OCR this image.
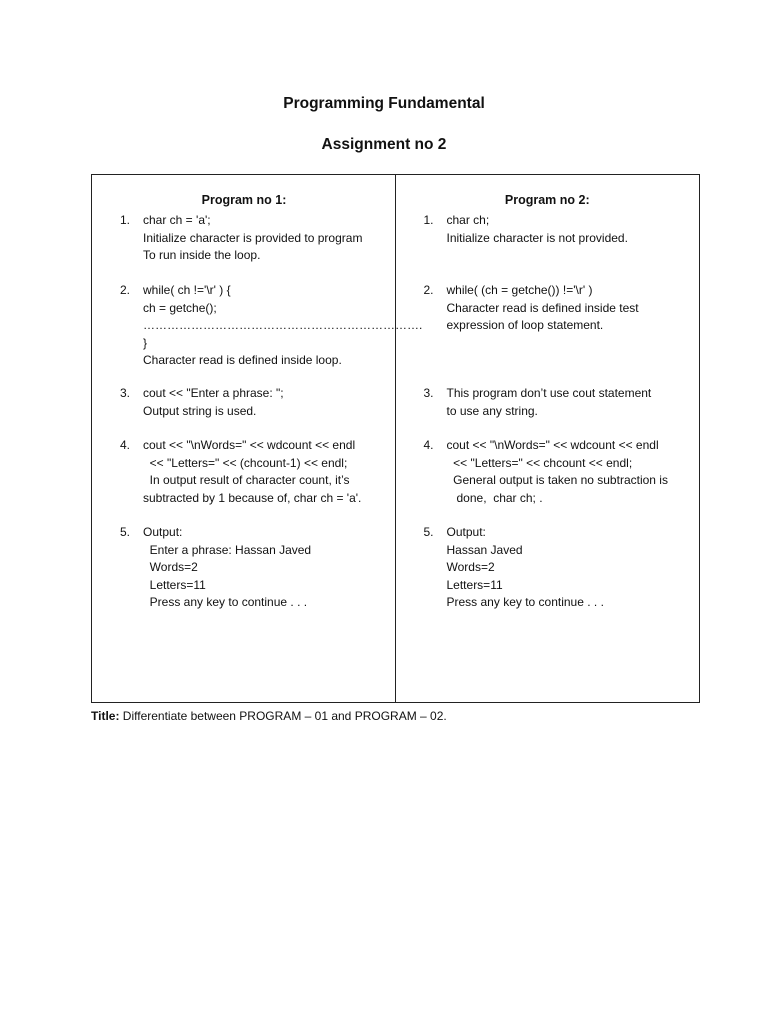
Programming Fundamental
Assignment no 2
Program no 1:
1.	char ch = 'a';
Initialize character is provided to program
To run inside the loop.
2.	while( ch !='\r' ) {
ch = getche();
…………………………………………………………….
}
Character read is defined inside loop.
3.	cout << "Enter a phrase: ";
Output string is used.
4.	cout << "\nWords=" << wdcount << endl
<< "Letters=" << (chcount-1) << endl;
In output result of character count, it’s
subtracted by 1 because of, char ch = 'a'.
5.	Output:
Enter a phrase: Hassan Javed
Words=2
Letters=11
Press any key to continue . . .
Program no 2:
1.	char ch;
Initialize character is not provided.
2.	while( (ch = getche()) !='\r' )
Character read is defined inside test
expression of loop statement.
3.	This program don’t use cout statement
to use any string.
4.	cout << "\nWords=" << wdcount << endl
<< "Letters=" << chcount << endl;
General output is taken no subtraction is
done,  char ch; .
5.	Output:
Hassan Javed
Words=2
Letters=11
Press any key to continue . . .
Title: Differentiate between PROGRAM – 01 and PROGRAM – 02.
